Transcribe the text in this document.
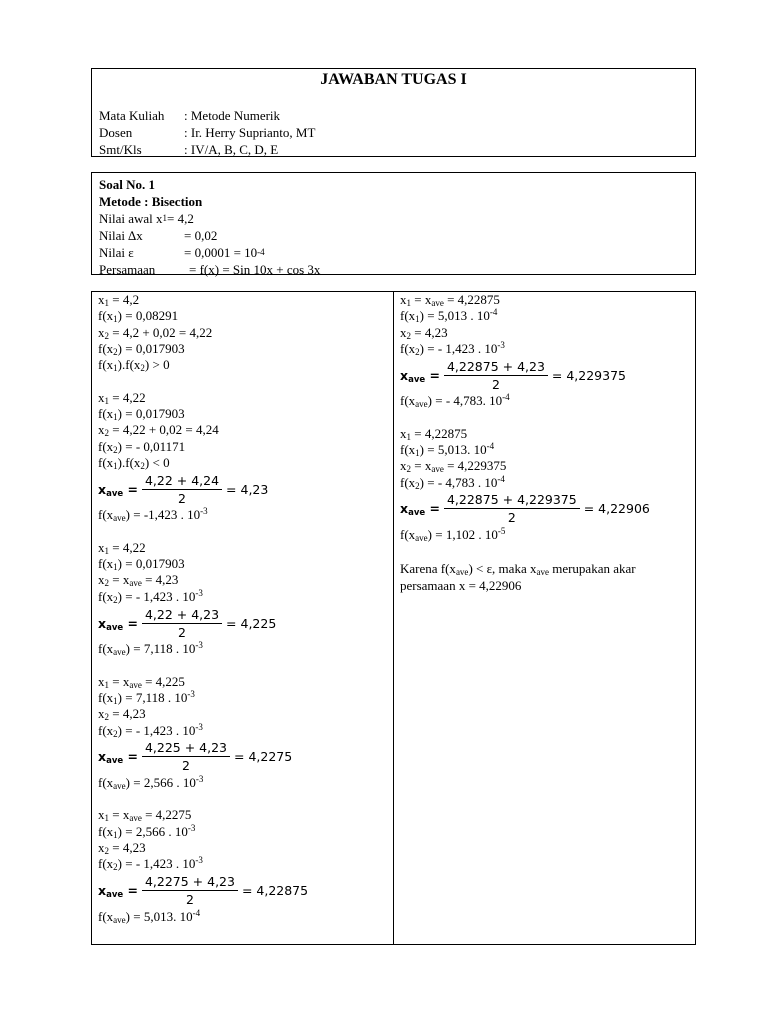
JAWABAN TUGAS I
Mata Kuliah	: Metode Numerik
Dosen	: Ir. Herry Suprianto, MT
Smt/Kls	: IV/A, B, C, D, E
Soal No. 1
Metode : Bisection
Nilai awal x 1 = 4,2
Nilai ∆x	= 0,02
Nilai ε	= 0,0001 = 10 -4
Persamaan	= f(x) = Sin 10x + cos 3x
$x_1 = 4,2$
$f(x_1) = 0,08291$
$x_2 = 4,2 + 0,02 = 4,22$
$f(x_2) = 0,017903$
$f(x_1).f(x_2) > 0$
$x_1 = 4,22$
$f(x_1) = 0,017903$
$x_2 = 4,22 + 0,02 = 4,24$
$f(x_2)$ = - 0,01171
$f(x_1).f(x_2) < 0$
$x_{ave} = \frac{4,22 + 4,24}{2} = 4,23$
$f(x_{ave}) = -1,423$ . $10^{-3}$
$x_1 = 4,22$
$f(x_1) = 0,017903$
$x_2 = x_{ave} = 4,23$
$f(x_2)$ = - 1,423 . $10^{-3}$
$x_{ave} = \frac{4,22 + 4,23}{2} = 4,225$
$f(x_{ave}) = 7,118$ . $10^{-3}$
$x_1 = x_{ave} = 4,225$
$f(x_1) = 7,118$ . $10^{-3}$
$x_2 = 4,23$
$f(x_2)$ = - 1,423 . $10^{-3}$
$x_{ave} = \frac{4,225 + 4,23}{2} = 4,2275$
$f(x_{ave}) = 2,566$ . $10^{-3}$
$x_1 = x_{ave} = 4,2275$
$f(x_1) = 2,566$ . $10^{-3}$
$x_2 = 4,23$
$f(x_2)$ = - 1,423 . $10^{-3}$
$x_{ave} = \frac{4,2275 + 4,23}{2} = 4,22875$
$f(x_{ave}) = 5,013$. $10^{-4}$
$x_1 = x_{ave} = 4,22875$
$f(x_1) = 5,013$ . $10^{-4}$
$x_2 = 4,23$
$f(x_2)$ = - 1,423 . $10^{-3}$
$x_{ave} = \frac{4,22875 + 4,23}{2} = 4,229375$
$f(x_{ave})$ = - 4,783. $10^{-4}$
$x_1 = 4,22875$
$f(x_1) = 5,013$. $10^{-4}$
$x_2 = x_{ave} = 4,229375$
$f(x_2)$ = - 4,783 . $10^{-4}$
$x_{ave} = \frac{4,22875 + 4,229375}{2} = 4,22906$
$f(x_{ave}) = 1,102$ . $10^{-5}$
Karena $f(x_{ave}) < \varepsilon$, maka $x_{ave}$ merupakan akar persamaan x = 4,22906
